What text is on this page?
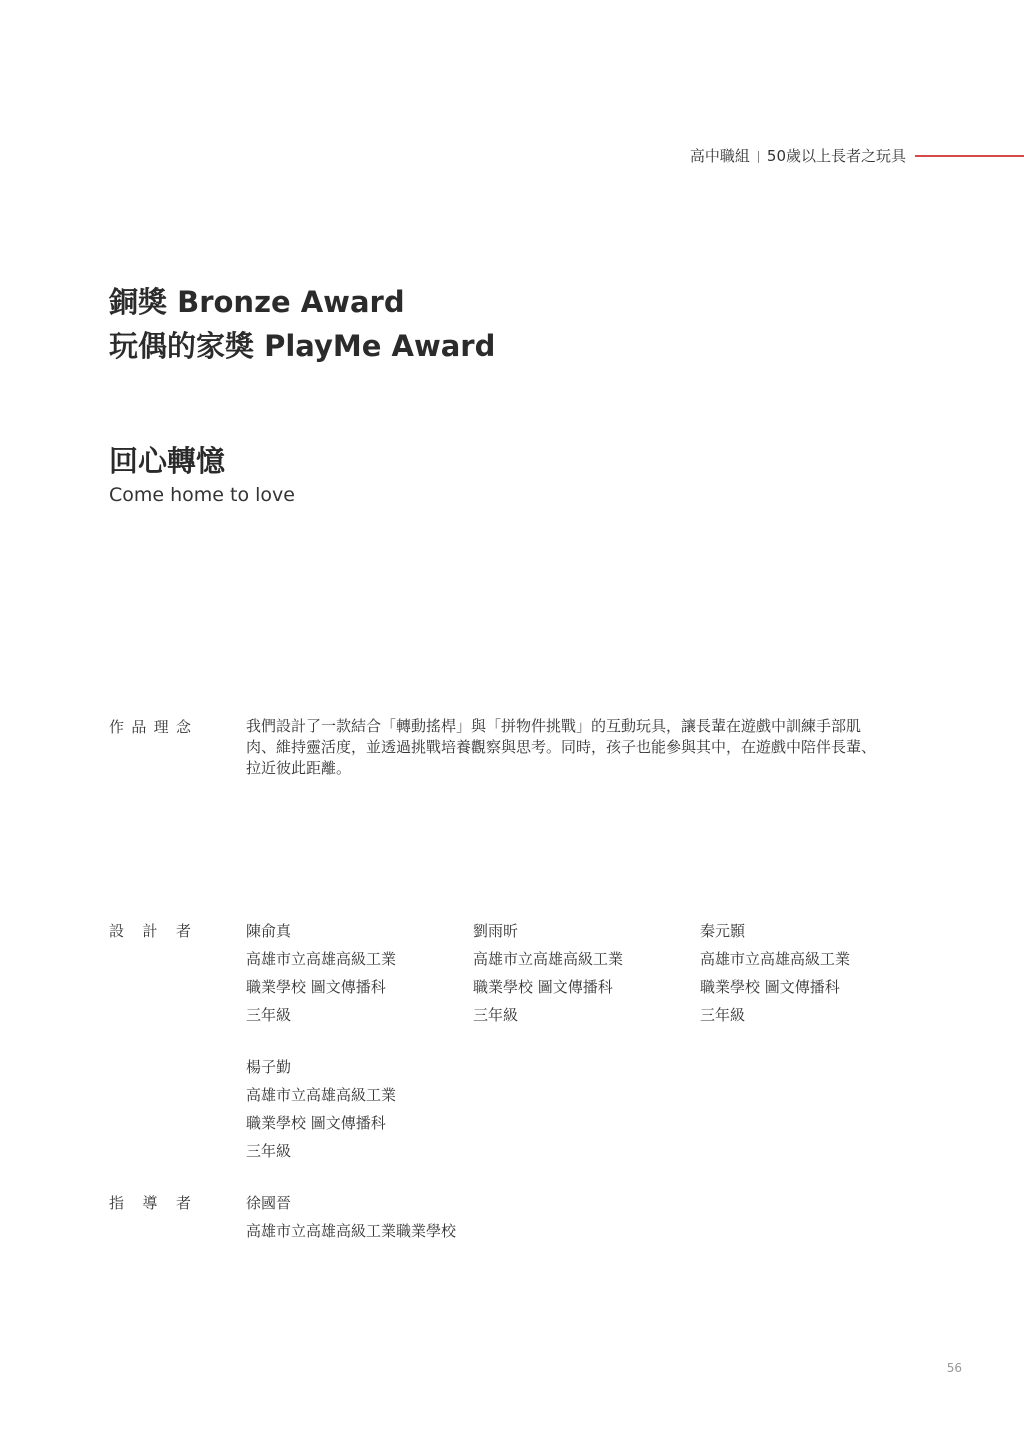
高中職組 50歲以上長者之玩具
銅獎 Bronze Award
玩偶的家獎 PlayMe Award
回心轉憶
Come home to love
作 品 理 念	我們設計了一款結合「轉動搖桿」與「拼物件挑戰」的互動玩具，讓長輩在遊戲中訓練手部肌肉、維持靈活度，並透過挑戰培養觀察與思考。同時，孩子也能參與其中，在遊戲中陪伴長輩、拉近彼此距離。
設 計 者	陳俞真
高雄市立高雄高級工業
職業學校 圖文傳播科
三年級
劉雨昕
高雄市立高雄高級工業
職業學校 圖文傳播科
三年級
秦元顥
高雄市立高雄高級工業
職業學校 圖文傳播科
三年級
楊子勤
高雄市立高雄高級工業
職業學校 圖文傳播科
三年級
指 導 者	徐國晉
高雄市立高雄高級工業職業學校
56
